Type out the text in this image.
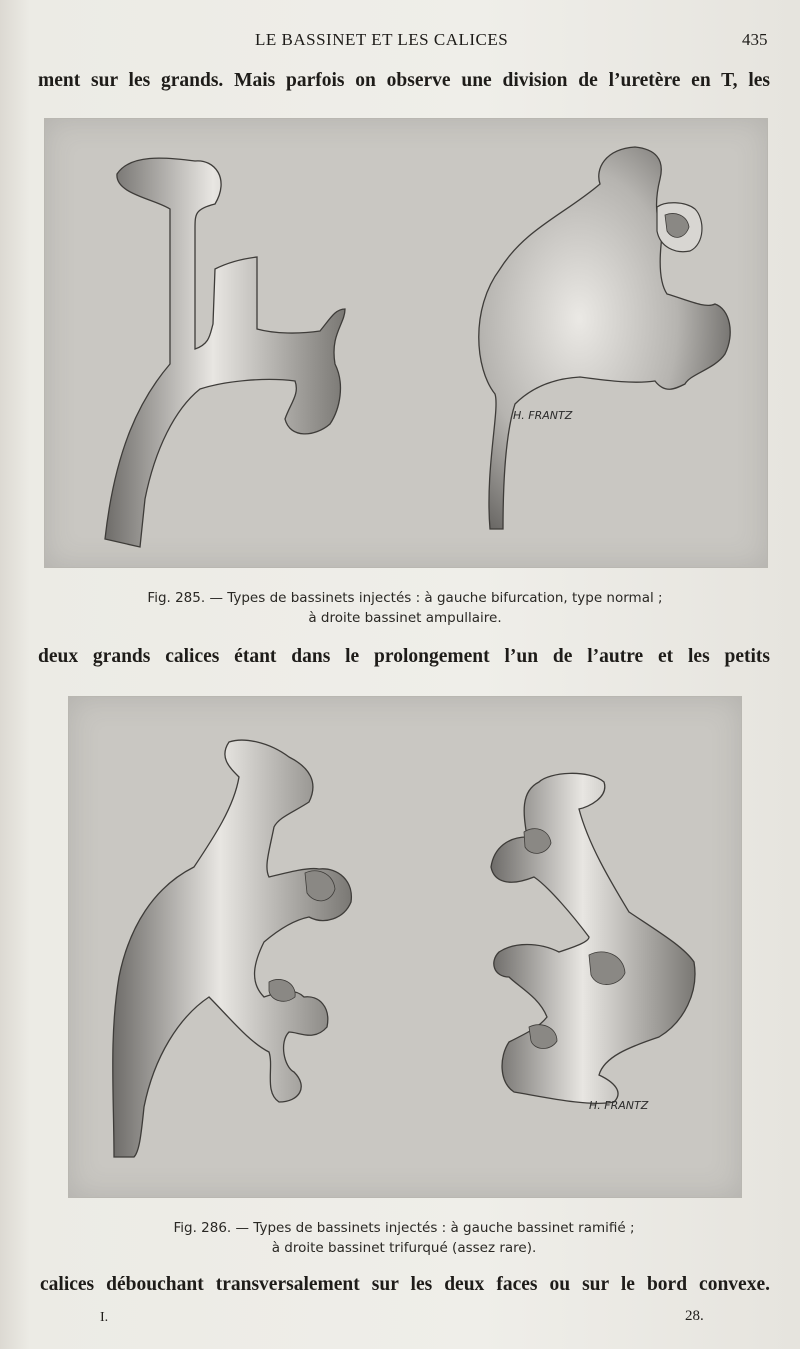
LE BASSINET ET LES CALICES	435
ment sur les grands. Mais parfois on observe une division de l’uretère en T, les
H. FRANTZ
Fig. 285. — Types de bassinets injectés : à gauche bifurcation, type normal ;
à droite bassinet ampullaire.
deux grands calices étant dans le prolongement l’un de l’autre et les petits
H. FRANTZ
Fig. 286. — Types de bassinets injectés : à gauche bassinet ramifié ;
à droite bassinet trifurqué (assez rare).
calices débouchant transversalement sur les deux faces ou sur le bord convexe.
I.	28.
